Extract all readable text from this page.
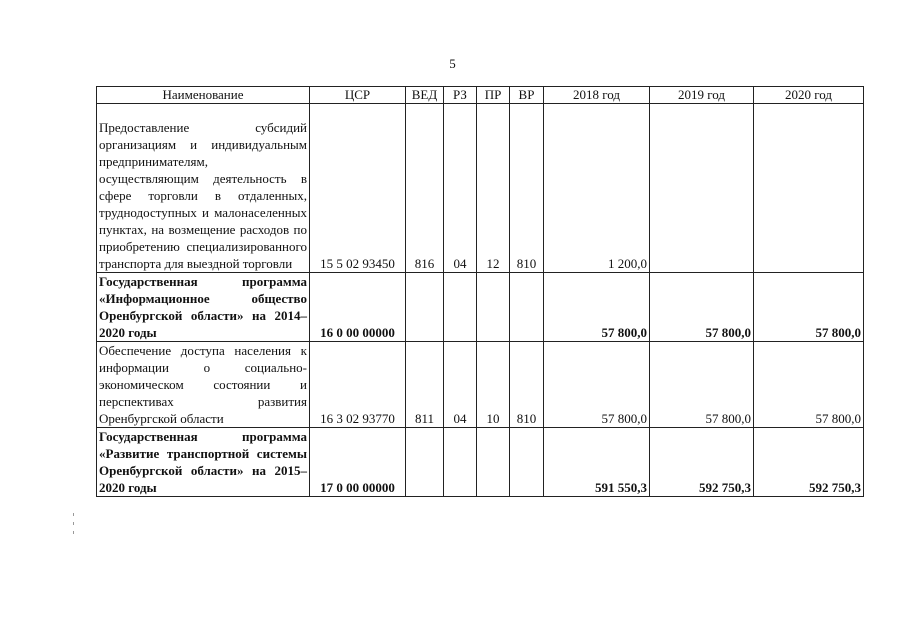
5
Наименование	ЦСР	ВЕД	РЗ	ПР	ВР	2018 год	2019 год	2020 год
Предоставление субсидий организациям и индивидуальным предпринимателям, осуществляющим деятельность в сфере торговли в отдаленных, труднодоступных и малонаселенных пунктах, на возмещение расходов по приобретению специализированного транспорта для выездной торговли	15 5 02 93450	816	04	12	810	1 200,0		
Государственная программа «Информационное общество Оренбургской области» на 2014–2020 годы	16 0 00 00000					57 800,0	57 800,0	57 800,0
Обеспечение доступа населения к информации о социально-экономическом состоянии и перспективах развития Оренбургской области	16 3 02 93770	811	04	10	810	57 800,0	57 800,0	57 800,0
Государственная программа «Развитие транспортной системы Оренбургской области» на 2015–2020 годы	17 0 00 00000					591 550,3	592 750,3	592 750,3
